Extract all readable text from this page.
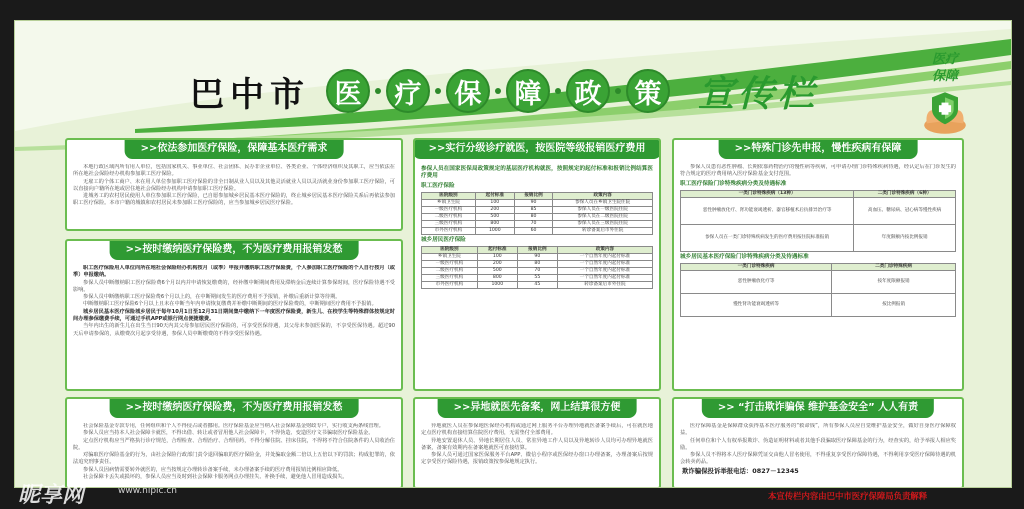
巴中市 医	疗	保	障	政	策 宣传栏
医疗
保障
>>依法参加医疗保险，保障基本医疗需求

本地行政区域内所有用人单位，包括国家机关、事业单位、社会团体、民办非企业单位、各类企业、个体经济组织及其职工，应当依法在所在地社会保险经办机构参加职工医疗保险。

无雇工的个体工商户、未在用人单位参加职工医疗保险的非全日制从业人员以及其他灵活就业人员以灵活就业身份参加职工医疗保险，可以直接向户籍所在地或居住地社会保险经办机构申请参加职工医疗保险。

进城务工的农村居民使用人单位参加职工医疗保险，已自愿参加城乡居民基本医疗保险的，终止城乡居民基本医疗保险关系后再依法参加职工医疗保险。本市户籍的城镇和农村居民未参加职工医疗保险的，应当参加城乡居民医疗保险。

>>按时缴纳医疗保险费，不为医疗费用报销发愁

职工医疗保险用人单位向所在地社会保险经办机构按月（或季）申报并缴纳职工医疗保险费，个人参加职工医疗保险的个人自行按月（或季）申报缴纳。

参保人员中断缴纳职工医疗保险费6个月以内并申请恢复缴费的，经补缴中断期间费用及滞纳金后连续计算参保时间，医疗保险待遇不受影响。

参保人员中断缴纳职工医疗保险费6个月以上的，在中断期间发生的医疗费用不予报销，补缴后重新计算等待期。

中断缴纳职工医疗保险6个月以上且未在中断当年内申请恢复缴费并补缴中断期间的医疗保险费的，中断期间医疗费用不予报销。

城乡居民基本医疗保险城乡居民于每年10月1日至12月31日期间集中缴纳下一年度医疗保险费，新生儿、在校学生等特殊群体按规定时间办理参保缴费手续，可通过手机APP或银行网点便捷缴费。

当年内出生的新生儿在出生当日90天内其父母参加居民医疗保险的，可享受医保待遇，其父母未参加医保的，不享受医保待遇。超过90天后申请参保的，从缴费次月起享受待遇，参保人员中断缴费的不得享受医保待遇。

>>按时缴纳医疗保险费，不为医疗费用报销发愁

社会保险基金专款专用，任何组织和个人不得侵占或者挪用。医疗保险基金应当纳入社会保障基金财政专户，实行收支两条线管理。

参保人员应当持本人社会保障卡就医，不得出借、转让或者冒用他人社会保障卡，不得伪造、变造医疗文书骗取医疗保险基金。

定点医疗机构应当严格执行诊疗规范，合理检查、合理治疗、合理用药，不得分解住院、挂床住院，不得将不符合住院条件的人员收治住院。

对骗取医疗保险基金的行为，由社会保险行政部门责令退回骗取的医疗保险金，并处骗取金额二倍以上五倍以下的罚款；构成犯罪的，依法追究刑事责任。

参保人员因病情需要转外就医的，应当按规定办理转诊备案手续，未办理备案手续的医疗费用报销比例相应降低。

社会保障卡丢失或损坏的，参保人员应当及时到社会保障卡服务网点办理挂失、补换手续，避免他人冒用造成损失。

>>实行分级诊疗就医，按医院等级报销医疗费用
参保人员在国家医保局政策规定的基层医疗机构就医，按照规定的起付标准和报销比例结算医疗费用
职工医疗保险
医院级别	起付标准	报销比例	政策内容
乡镇卫生院	100	90	参保人员在乡镇卫生院住院
一级医疗机构	200	85	参保人员在一级医院住院
二级医疗机构	500	80	参保人员在二级医院住院
三级医疗机构	800	70	参保人员在三级医院住院
市外医疗机构	1000	60	转诊备案后市外住院
城乡居民医疗保险
医院级别	起付标准	报销比例	政策内容
乡镇卫生院	100	90	一个自然年度内起付标准
一级医疗机构	200	80	一个自然年度内起付标准
二级医疗机构	500	70	一个自然年度内起付标准
三级医疗机构	800	55	一个自然年度内起付标准
市外医疗机构	1000	45	转诊备案后市外住院
>>异地就医先备案，网上结算很方便

异地就医人员在参保地医保经办机构或通过网上服务平台办理异地就医备案手续后，可在就医地定点医疗机构直接结算住院医疗费用，无需垫付全部费用。

异地安置退休人员、异地长期居住人员、常驻异地工作人员以及异地转诊人员均可办理异地就医备案，备案有效期内在备案地就医可直接结算。

参保人员可通过国家医保服务平台APP、微信小程序或医保经办窗口办理备案，办理备案后按规定享受医疗保险待遇，报销政策按参保地规定执行。

>>特殊门诊先申报，慢性疾病有保障

参保人员患有恶性肿瘤、长期依靠药物治疗的慢性病等疾病，可申请办理门诊特殊疾病待遇，经认定后在门诊发生的符合规定的医疗费用纳入医疗保险基金支付范围。

职工医疗保险门诊特殊疾病分类及待遇标准
一类门诊特殊疾病（13种）	二类门诊特殊疾病（6种）
恶性肿瘤放化疗、肾功能衰竭透析、器官移植术后抗排异治疗等	高血压、糖尿病、冠心病等慢性疾病
参保人员在一类门诊特殊疾病发生的医疗费用按住院标准报销	年度限额内按比例报销
城乡居民基本医疗保险门诊特殊疾病分类及待遇标准
一类门诊特殊疾病	二类门诊特殊疾病
恶性肿瘤放化疗等	按年度限额报销
慢性肾功能衰竭透析等	按比例报销
>> “打击欺诈骗保 维护基金安全” 人人有责

医疗保障基金是保障群众获得基本医疗服务的“救命钱”，所有参保人员应自觉维护基金安全，做好自身医疗保障权益。

任何单位和个人有权举报欺诈、伪造证明材料或者其他手段骗取医疗保障基金的行为，经查实的，给予举报人相应奖励。

参保人员不得将本人医疗保障凭证交由他人冒名使用，不得重复享受医疗保障待遇，不得利用享受医疗保障待遇的机会转卖药品。

欺诈骗保投诉举报电话：0827－12345
本宣传栏内容由巴中市医疗保障局负责解释
昵享网	www.nipic.cn
ID:27595840 NO:20190715044947125
